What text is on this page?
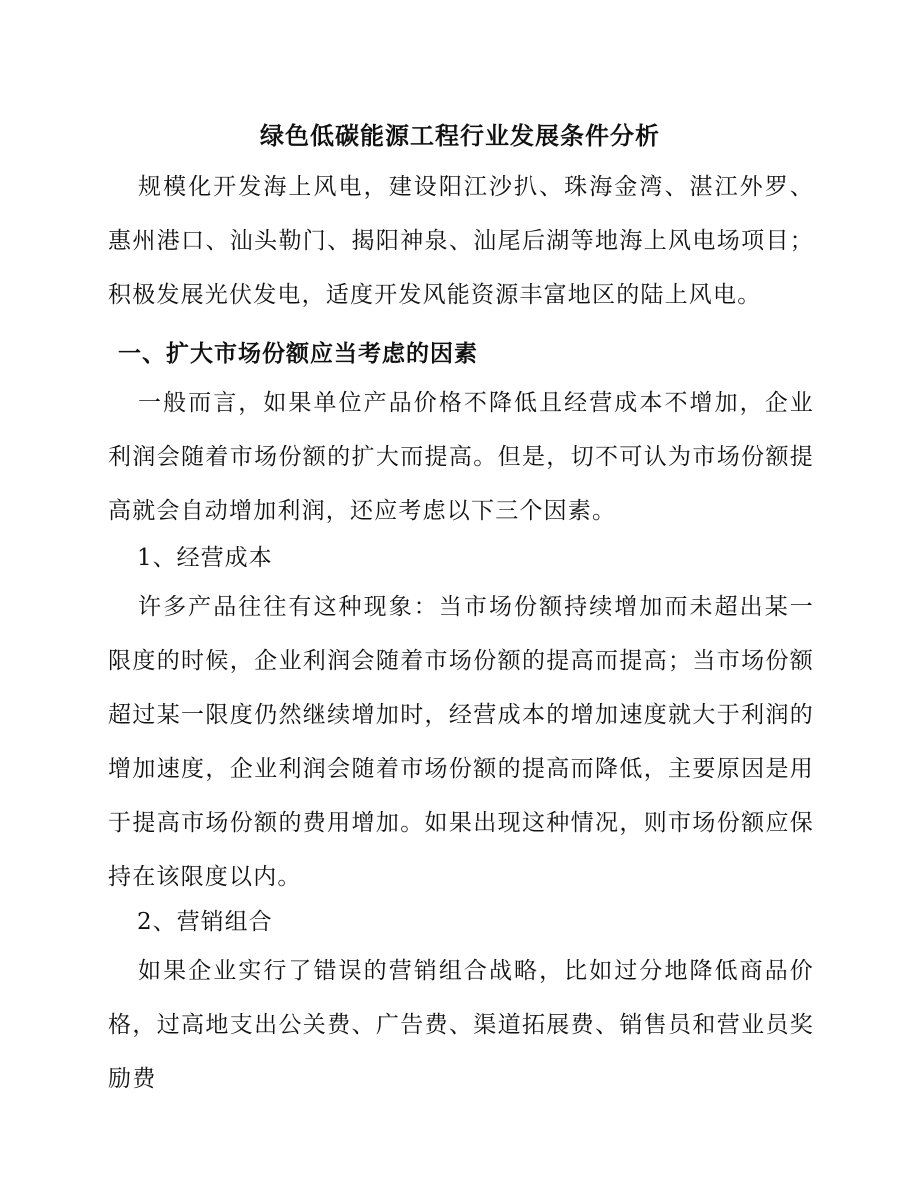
绿色低碳能源工程行业发展条件分析
规模化开发海上风电，建设阳江沙扒、珠海金湾、湛江外罗、惠州港口、汕头勒门、揭阳神泉、汕尾后湖等地海上风电场项目；积极发展光伏发电，适度开发风能资源丰富地区的陆上风电。
一、扩大市场份额应当考虑的因素
一般而言，如果单位产品价格不降低且经营成本不增加，企业利润会随着市场份额的扩大而提高。但是，切不可认为市场份额提高就会自动增加利润，还应考虑以下三个因素。
1、经营成本
许多产品往往有这种现象：当市场份额持续增加而未超出某一限度的时候，企业利润会随着市场份额的提高而提高；当市场份额超过某一限度仍然继续增加时，经营成本的增加速度就大于利润的增加速度，企业利润会随着市场份额的提高而降低，主要原因是用于提高市场份额的费用增加。如果出现这种情况，则市场份额应保持在该限度以内。
2、营销组合
如果企业实行了错误的营销组合战略，比如过分地降低商品价格，过高地支出公关费、广告费、渠道拓展费、销售员和营业员奖励费
